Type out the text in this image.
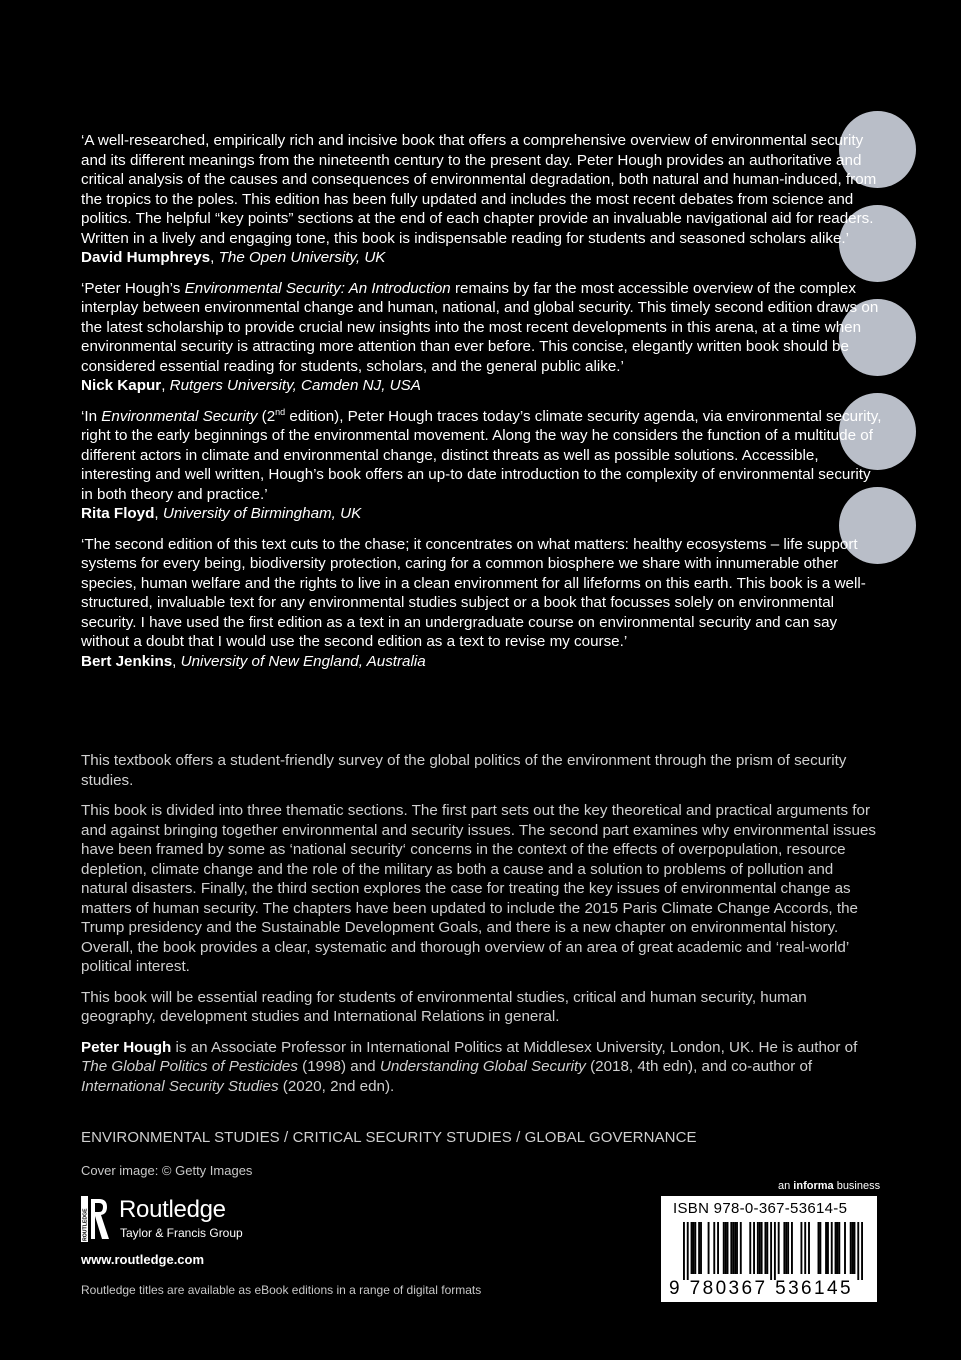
‘A well-researched, empirically rich and incisive book that offers a comprehensive overview of environmental security and its different meanings from the nineteenth century to the present day. Peter Hough provides an authoritative and critical analysis of the causes and consequences of environmental degradation, both natural and human-induced, from the tropics to the poles. This edition has been fully updated and includes the most recent debates from science and politics. The helpful “key points” sections at the end of each chapter provide an invaluable navigational aid for readers. Written in a lively and engaging tone, this book is indispensable reading for students and seasoned scholars alike.’
David Humphreys, The Open University, UK

‘Peter Hough’s Environmental Security: An Introduction remains by far the most accessible overview of the complex interplay between environmental change and human, national, and global security. This timely second edition draws on the latest scholarship to provide crucial new insights into the most recent developments in this arena, at a time when environmental security is attracting more attention than ever before. This concise, elegantly written book should be considered essential reading for students, scholars, and the general public alike.’
Nick Kapur, Rutgers University, Camden NJ, USA

‘In Environmental Security (2nd edition), Peter Hough traces today’s climate security agenda, via environmental security, right to the early beginnings of the environmental movement. Along the way he considers the function of a multitude of different actors in climate and environmental change, distinct threats as well as possible solutions. Accessible, interesting and well written, Hough’s book offers an up-to date introduction to the complexity of environmental security in both theory and practice.’
Rita Floyd, University of Birmingham, UK

‘The second edition of this text cuts to the chase; it concentrates on what matters: healthy ecosystems – life support systems for every being, biodiversity protection, caring for a common biosphere we share with innumerable other species, human welfare and the rights to live in a clean environment for all lifeforms on this earth. This book is a well-structured, invaluable text for any environmental studies subject or a book that focusses solely on environmental security. I have used the first edition as a text in an undergraduate course on environmental security and can say without a doubt that I would use the second edition as a text to revise my course.’
Bert Jenkins, University of New England, Australia

This textbook offers a student-friendly survey of the global politics of the environment through the prism of security studies.

This book is divided into three thematic sections. The first part sets out the key theoretical and practical arguments for and against bringing together environmental and security issues. The second part examines why environmental issues have been framed by some as ‘national security‘ concerns in the context of the effects of overpopulation, resource depletion, climate change and the role of the military as both a cause and a solution to problems of pollution and natural disasters. Finally, the third section explores the case for treating the key issues of environmental change as matters of human security. The chapters have been updated to include the 2015 Paris Climate Change Accords, the Trump presidency and the Sustainable Development Goals, and there is a new chapter on environmental history. Overall, the book provides a clear, systematic and thorough overview of an area of great academic and ‘real-world’ political interest.

This book will be essential reading for students of environmental studies, critical and human security, human geography, development studies and International Relations in general.

Peter Hough is an Associate Professor in International Politics at Middlesex University, London, UK. He is author of The Global Politics of Pesticides (1998) and Understanding Global Security (2018, 4th edn), and co-author of International Security Studies (2020, 2nd edn).

ENVIRONMENTAL STUDIES / CRITICAL SECURITY STUDIES / GLOBAL GOVERNANCE
Cover image: © Getty Images
ROUTLEDGE Routledge
Taylor & Francis Group
www.routledge.com
Routledge titles are available as eBook editions in a range of digital formats
an informa business
ISBN 978-0-367-53614-5
9 780367 536145
